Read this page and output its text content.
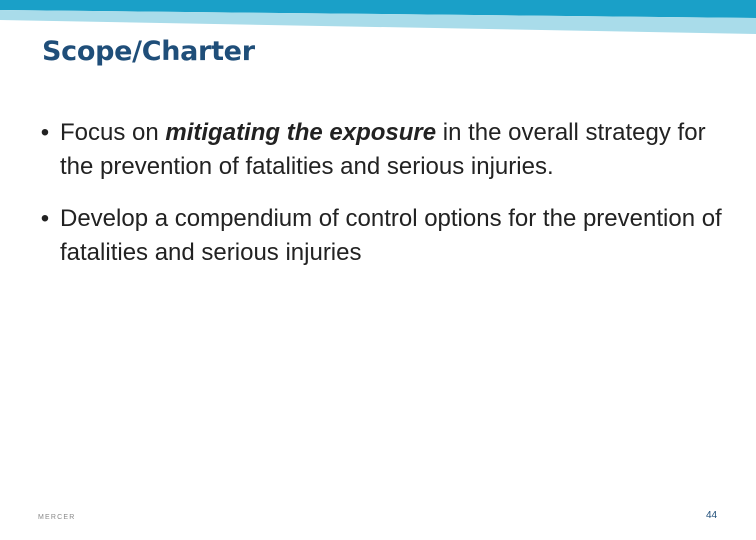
Scope/Charter
• Focus on mitigating the exposure in the overall strategy for the prevention of fatalities and serious injuries.
• Develop a compendium of control options for the prevention of fatalities and serious injuries
MERCER	44
